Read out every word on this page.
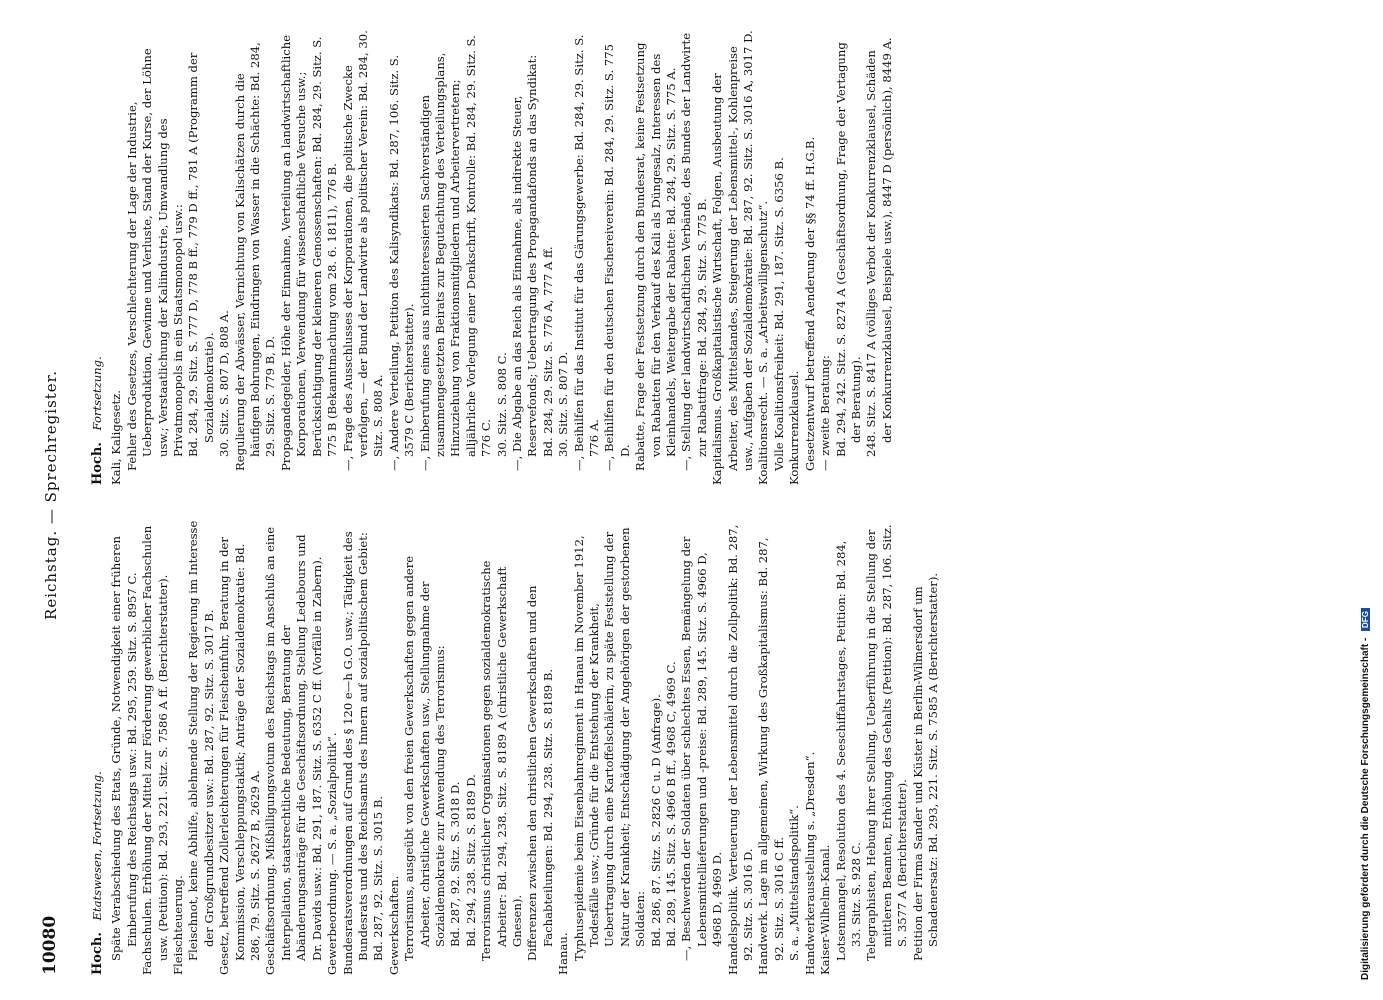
10080
Reichstag. — Sprechregister.
Hoch. Etatswesen, Fortsetzung. Späte Verabschiedung des Etats, Gründe, Notwendigkeit einer früheren Einberufung des Reichstags usw.: Bd. 295, 259. Sitz. S. 8957 C. Fachschulen. Erhöhung der Mittel zur Förderung gewerblicher Fachschulen usw. (Petition): Bd. 293, 221. Sitz. S. 7586 A ff. (Berichterstatter). Fleischteuerung. Fleischnot, keine Abhilfe, ablehnende Stellung der Regierung im Interesse der Großgrundbesitzer usw.: Bd. 287, 92. Sitz. S. 3017 B. Gesetz, betreffend Zollerleichterungen für Fleischeinfuhr, Beratung in der Kommission, Verschleppungstaktik; Anträge der Sozialdemokratie: Bd. 286, 79. Sitz. S. 2627 B, 2629 A. Geschäftsordnung. Mißbilligungsvotum des Reichstags im Anschluß an eine Interpellation, staatsrechtliche Bedeutung, Beratung der Abänderungsanträge für die Geschäftsordnung, Stellung Ledebours und Dr. Davids usw.: Bd. 291, 187. Sitz. S. 6352 C ff. (Vorfälle in Zabern). Gewerbeordnung. — S. a. „Sozialpolitik“. Bundesratsverordnungen auf Grund des § 120 e—h G.O. usw.; Tätigkeit des Bundesrats und des Reichsamts des Innern auf sozialpolitischem Gebiet: Bd. 287, 92. Sitz. S. 3015 B. Gewerkschaften. Terrorismus, ausgeübt von den freien Gewerkschaften gegen andere Arbeiter, christliche Gewerkschaften usw., Stellungnahme der Sozialdemokratie zur Anwendung des Terrorismus: Bd. 287, 92. Sitz. S. 3018 D. Bd. 294, 238. Sitz. S. 8189 D. Terrorismus christlicher Organisationen gegen sozialdemokratische Arbeiter: Bd. 294, 238. Sitz. S. 8189 A (christliche Gewerkschaft Gnesen). Differenzen zwischen den christlichen Gewerkschaften und den Fachabteilungen: Bd. 294, 238. Sitz. S. 8189 B.
Hanau. Typhusepidemie beim Eisenbahnregiment in Hanau im November 1912, Todesfälle usw.; Gründe für die Entstehung der Krankheit, Uebertragung durch eine Kartoffelschälerin, zu späte Feststellung der Natur der Krankheit; Entschädigung der Angehörigen der gestorbenen Soldaten: Bd. 286, 87. Sitz. S. 2826 C u. D (Anfrage). Bd. 289, 145. Sitz. S. 4966 B ff., 4968 C, 4969 C. —, Beschwerden der Soldaten über schlechtes Essen, Bemängelung der Lebensmittellieferungen und -preise: Bd. 289, 145. Sitz. S. 4966 D, 4968 D, 4969 D. Handelspolitik. Verteuerung der Lebensmittel durch die Zollpolitik: Bd. 287, 92. Sitz. S. 3016 D. Handwerk. Lage im allgemeinen, Wirkung des Großkapitalismus: Bd. 287, 92. Sitz. S. 3016 C ff. S. a. „Mittelstandspolitik“. Handwerkerausstellung s. „Dresden“. Kaiser-Wilhelm-Kanal. Lotsenmangel, Resolution des 4. Seeschiffahrtstages, Petition: Bd. 284, 33. Sitz. S. 928 C. Telegraphisten, Hebung ihrer Stellung, Ueberführung in die Stellung der mittleren Beamten, Erhöhung des Gehalts (Petition): Bd. 287, 106. Sitz. S. 3577 A (Berichterstatter). Petition der Firma Sander und Küster in Berlin-Wilmersdorf um Schadenersatz: Bd. 293, 221. Sitz. S. 7585 A (Berichterstatter).
Hoch. Fortsetzung. Kali, Kaligesetz. Fehler des Gesetzes, Verschlechterung der Lage der Industrie, Ueberproduktion, Gewinne und Verluste, Stand der Kurse, der Löhne usw.; Verstaatlichung der Kaliindustrie, Umwandlung des Privatmonopols in ein Staatsmonopol usw.: Bd. 284, 29. Sitz. S. 777 D, 778 B ff., 779 D ff., 781 A (Programm der Sozialdemokratie). 30. Sitz. S. 807 D, 808 A. Regulierung der Abwässer, Vernichtung von Kalischätzen durch die häufigen Bohrungen, Eindringen von Wasser in die Schächte: Bd. 284, 29. Sitz. S. 779 B, D. Propagandegelder, Höhe der Einnahme, Verteilung an landwirtschaftliche Korporationen, Verwendung für wissenschaftliche Versuche usw.; Berücksichtigung der kleineren Genossenschaften: Bd. 284, 29. Sitz. S. 775 B (Bekanntmachung vom 28. 6. 1811), 776 B. —, Frage des Ausschlusses der Korporationen, die politische Zwecke verfolgen, — der Bund der Landwirte als politischer Verein: Bd. 284, 30. Sitz. S. 808 A. —, Andere Verteilung, Petition des Kalisyndikats: Bd. 287, 106. Sitz. S. 3579 C (Berichterstatter). —, Einberufung eines aus nichtinteressierten Sachverständigen zusammengesetzten Beirats zur Begutachtung des Verteilungsplans, Hinzuziehung von Fraktionsmitgliedern und Arbeitervertretern; alljährliche Vorlegung einer Denkschrift, Kontrolle: Bd. 284, 29. Sitz. S. 776 C. 30. Sitz. S. 808 C. —, Die Abgabe an das Reich als Einnahme, als indirekte Steuer, Reservefonds; Uebertragung des Propagandafonds an das Syndikat: Bd. 284, 29. Sitz. S. 776 A, 777 A ff. 30. Sitz. S. 807 D. —, Beihilfen für das Institut für das Gärungsgewerbe: Bd. 284, 29. Sitz. S. 776 A. —, Beihilfen für den deutschen Fischereiverein: Bd. 284, 29. Sitz. S. 775 D. Rabatte, Frage der Festsetzung durch den Bundesrat, keine Festsetzung von Rabatten für den Verkauf des Kali als Düngesalz, Interessen des Kleinhandels, Weitergabe der Rabatte: Bd. 284, 29. Sitz. S. 775 A. —, Stellung der landwirtschaftlichen Verbände, des Bundes der Landwirte zur Rabattfrage: Bd. 284, 29. Sitz. S. 775 B. Kapitalismus. Großkapitalistische Wirtschaft, Folgen, Ausbeutung der Arbeiter, des Mittelstandes, Steigerung der Lebensmittel-, Kohlenpreise usw., Aufgaben der Sozialdemokratie: Bd. 287, 92. Sitz. S. 3016 A, 3017 D. Koalitionsrecht. — S. a. „Arbeitswilligenschutz“. Volle Koalitionsfreiheit: Bd. 291, 187. Sitz. S. 6356 B. Konkurrenzklausel. Gesetzentwurf betreffend Aenderung der §§ 74 ff. H.G.B. — zweite Beratung: Bd. 294, 242. Sitz. S. 8274 A (Geschäftsordnung, Frage der Vertagung der Beratung). 248. Sitz. S. 8417 A (völliges Verbot der Konkurrenzklausel, Schäden der Konkurrenzklausel, Beispiele usw.), 8447 D (persönlich), 8449 A.
Digitalisierung gefördert durch die Deutsche Forschungsgemeinschaft - DFG
